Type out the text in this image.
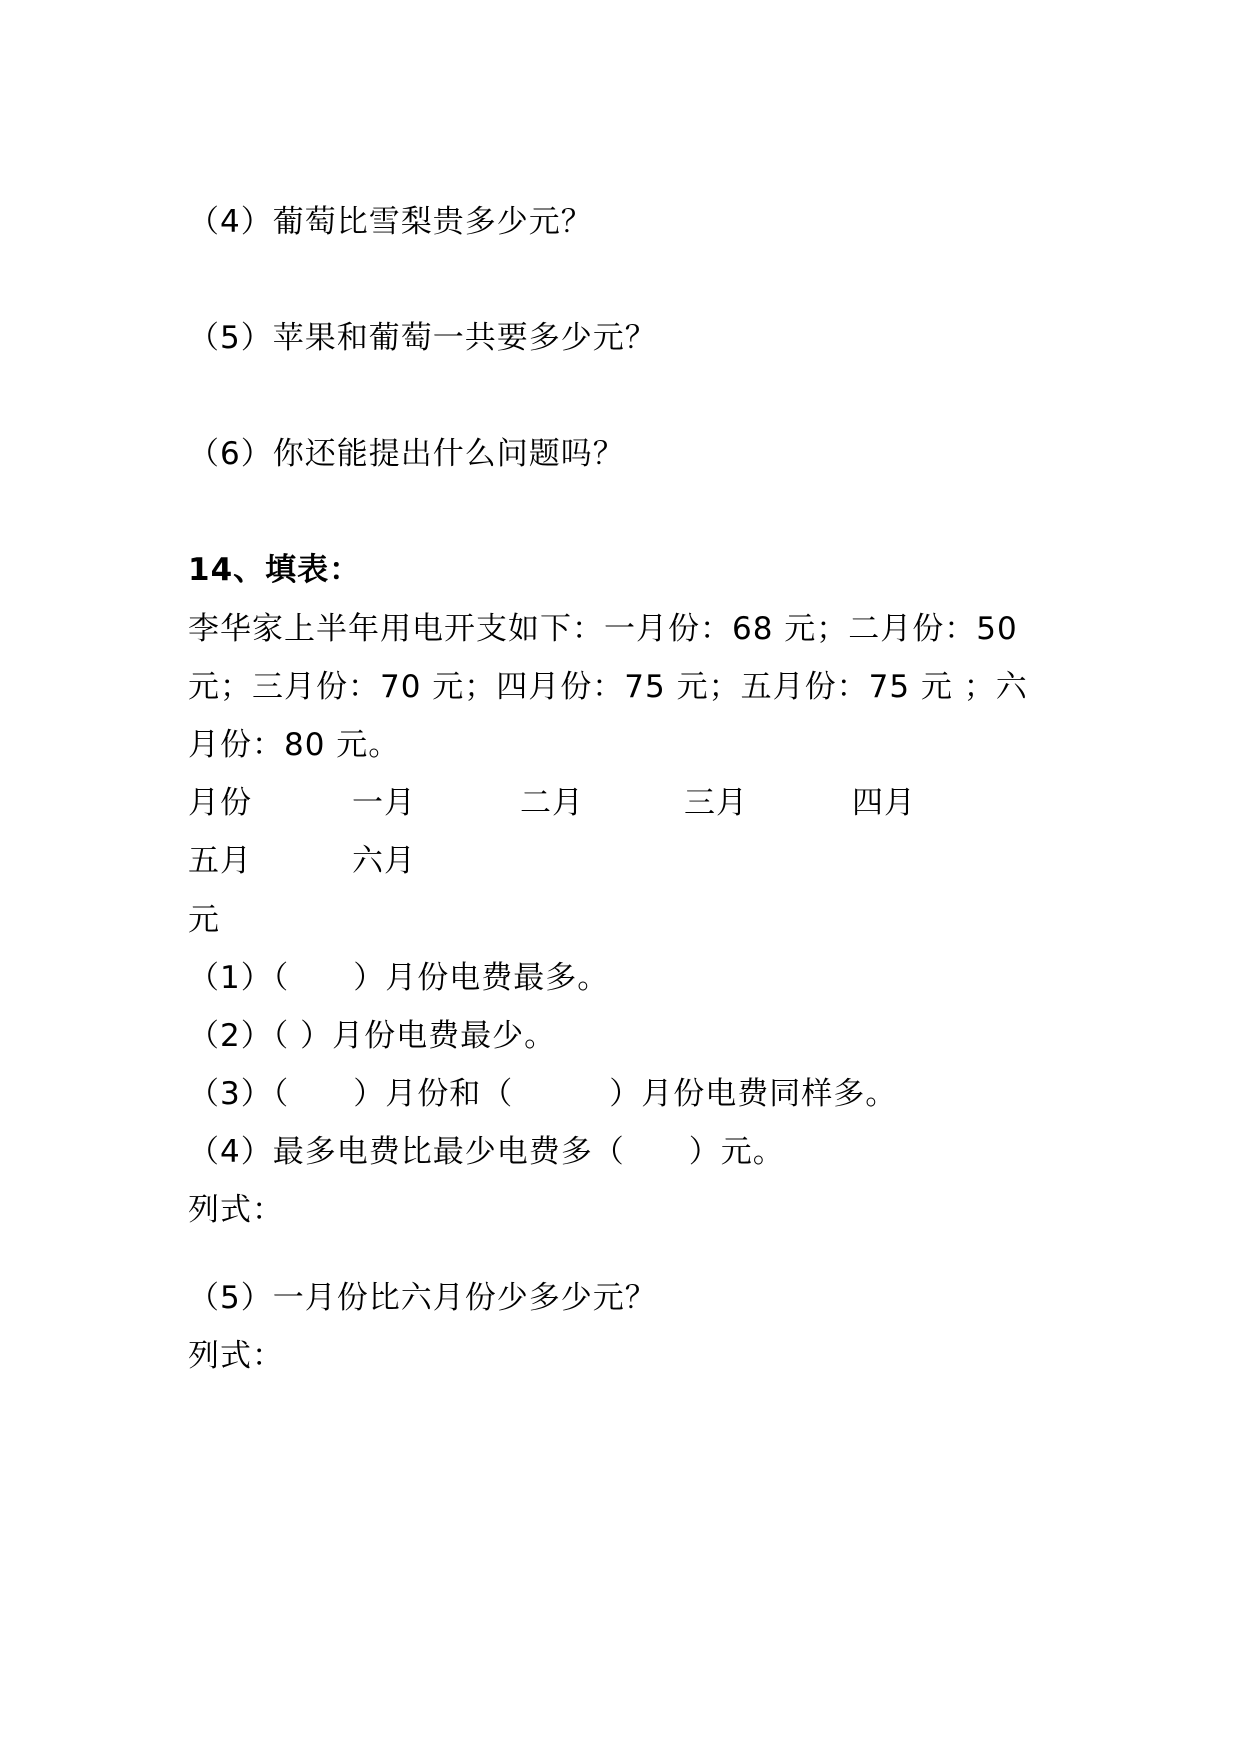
（4）葡萄比雪梨贵多少元？
（5）苹果和葡萄一共要多少元？
（6）你还能提出什么问题吗？
14、填表：
李华家上半年用电开支如下：一月份：68 元；二月份：50
元；三月份：70 元；四月份：75 元；五月份：75 元 ；六
月份：80 元。
月份	一月	二月	三月	四月
五月	六月
元
（1）（　　）月份电费最多。
（2）（ ）月份电费最少。
（3）（　　）月份和（　　　）月份电费同样多。
（4）最多电费比最少电费多（　　）元。
列式：
（5）一月份比六月份少多少元？
列式：
